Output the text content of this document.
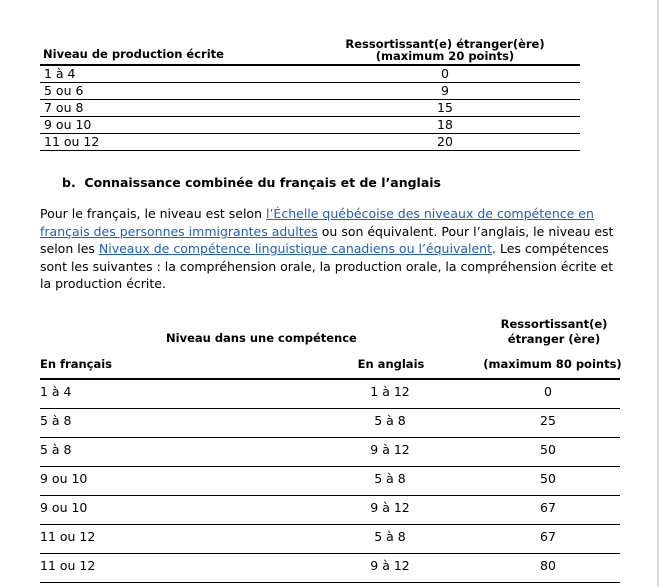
Niveau de production écrite
Ressortissant(e) étranger(ère)
(maximum 20 points)
1 à 4	0
5 ou 6	9
7 ou 8	15
9 ou 10	18
11 ou 12	20
b.  Connaissance combinée du français et de l’anglais

Pour le français, le niveau est selon l’Échelle québécoise des niveaux de compétence en français des personnes immigrantes adultes ou son équivalent. Pour l’anglais, le niveau est selon les Niveaux de compétence linguistique canadiens ou l’équivalent. Les compétences sont les suivantes : la compréhension orale, la production orale, la compréhension écrite et la production écrite.

Niveau dans une compétence
Ressortissant(e)
étranger (ère)
En français	En anglais	(maximum 80 points)
1 à 4	1 à 12	0
5 à 8	5 à 8	25
5 à 8	9 à 12	50
9 ou 10	5 à 8	50
9 ou 10	9 à 12	67
11 ou 12	5 à 8	67
11 ou 12	9 à 12	80
